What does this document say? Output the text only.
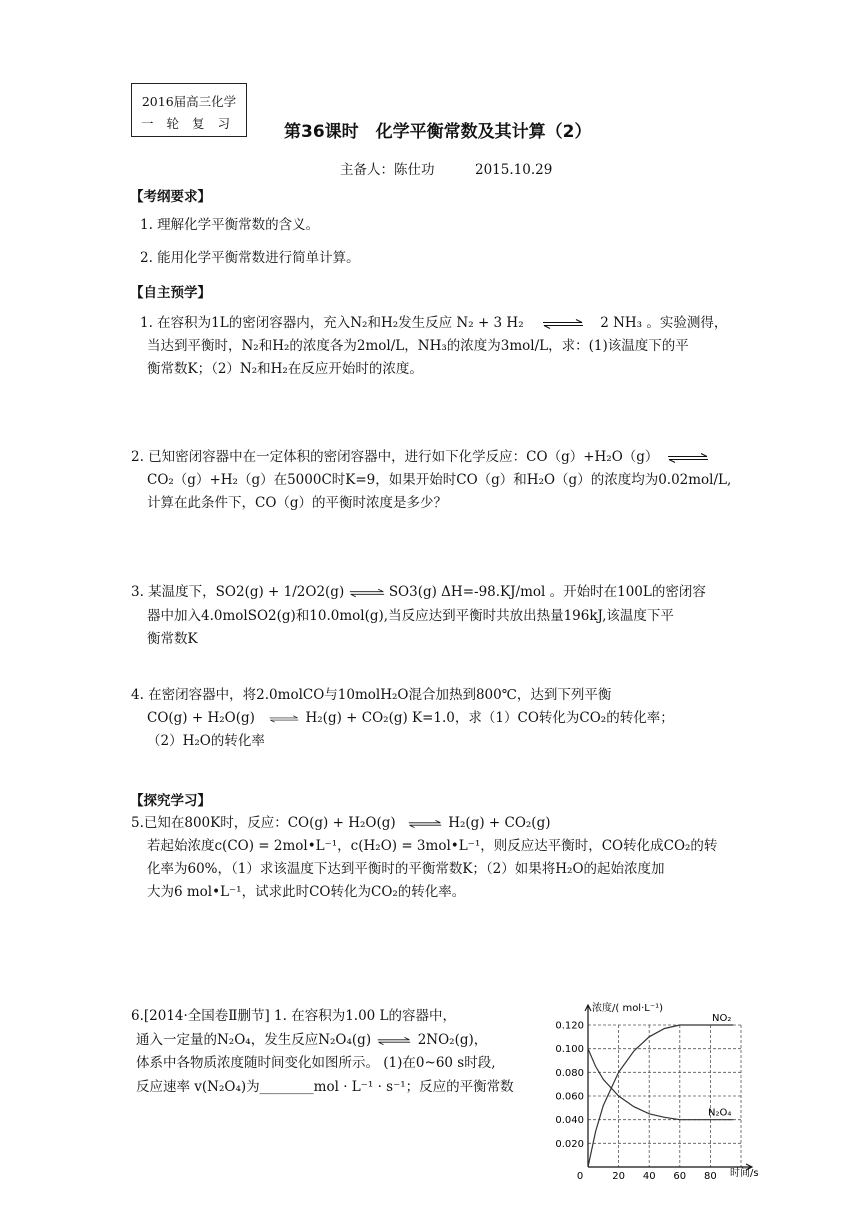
2016届高三化学
一轮复习 第36课时　化学平衡常数及其计算（2）
主备人：陈仕功　　　2015.10.29
【考纲要求】
1. 理解化学平衡常数的含义。
2. 能用化学平衡常数进行简单计算。
【自主预学】
1. 在容积为1L的密闭容器内，充入N₂和H₂发生反应 N₂ + 3 H₂ ⇌ 2 NH₃ 。实验测得，
当达到平衡时，N₂和H₂的浓度各为2mol/L，NH₃的浓度为3mol/L，求：(1)该温度下的平
衡常数K；（2）N₂和H₂在反应开始时的浓度。
2. 已知密闭容器中在一定体积的密闭容器中，进行如下化学反应：CO（g）+H₂O（g） ⇌
CO₂（g）+H₂（g）在5000C时K=9，如果开始时CO（g）和H₂O（g）的浓度均为0.02mol/L,
计算在此条件下，CO（g）的平衡时浓度是多少？
3. 某温度下，SO2(g) + 1/2O2(g) ⇌ SO3(g) ΔH=-98.KJ/mol 。开始时在100L的密闭容
器中加入4.0molSO2(g)和10.0mol(g),当反应达到平衡时共放出热量196kJ,该温度下平
衡常数K
4. 在密闭容器中，将2.0molCO与10molH₂O混合加热到800℃，达到下列平衡
CO(g) + H₂O(g) ⇌ H₂(g) + CO₂(g) K=1.0，求（1）CO转化为CO₂的转化率；
（2）H₂O的转化率
【探究学习】
5.已知在800K时，反应：CO(g) + H₂O(g) ⇌ H₂(g) + CO₂(g)
若起始浓度c(CO) = 2mol•L⁻¹，c(H₂O) = 3mol•L⁻¹，则反应达平衡时，CO转化成CO₂的转
化率为60%，（1）求该温度下达到平衡时的平衡常数K；（2）如果将H₂O的起始浓度加
大为6 mol•L⁻¹，试求此时CO转化为CO₂的转化率。
6.[2014·全国卷Ⅱ删节] 1. 在容积为1.00 L的容器中，
通入一定量的N₂O₄，发生反应N₂O₄(g) ⇌ 2NO₂(g)，
体系中各物质浓度随时间变化如图所示。 (1)在0~60 s时段,
反应速率 v(N₂O₄)为________mol · L⁻¹ · s⁻¹；反应的平衡常数
0.020
0.040
0.060
0.080
0.100
0.120
0	20 40 60 80
NO₂
N₂O₄
浓度/( mol·L⁻¹)
时间/s
